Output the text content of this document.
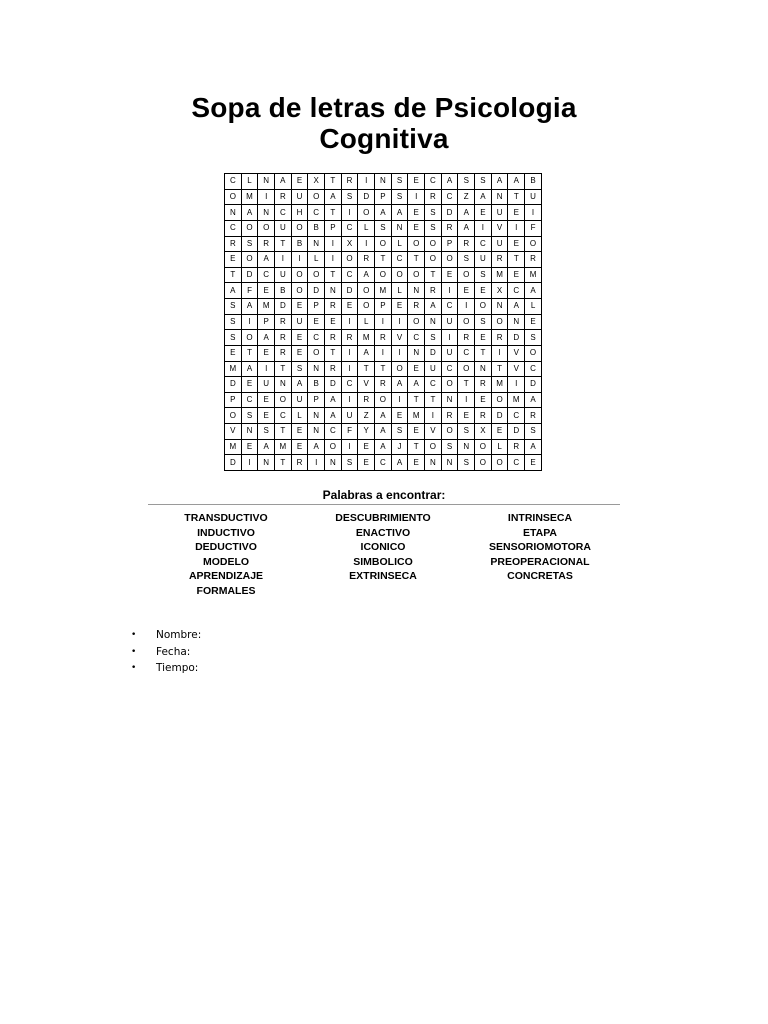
Sopa de letras de Psicologia
Cognitiva
C	L	N	A	E	X	T	R	I	N	S	E	C	A	S	S	A	A	B
O	M	I	R	U	O	A	S	D	P	S	I	R	C	Z	A	N	T	U
N	A	N	C	H	C	T	I	O	A	A	E	S	D	A	E	U	E	I
C	O	O	U	O	B	P	C	L	S	N	E	S	R	A	I	V	I	F
R	S	R	T	B	N	I	X	I	O	L	O	O	P	R	C	U	E	O
E	O	A	I	I	L	I	O	R	T	C	T	O	O	S	U	R	T	R
T	D	C	U	O	O	T	C	A	O	O	O	T	E	O	S	M	E	M
A	F	E	B	O	D	N	D	O	M	L	N	R	I	E	E	X	C	A
S	A	M	D	E	P	R	E	O	P	E	R	A	C	I	O	N	A	L
S	I	P	R	U	E	E	I	L	I	I	O	N	U	O	S	O	N	E
S	O	A	R	E	C	R	R	M	R	V	C	S	I	R	E	R	D	S
E	T	E	R	E	O	T	I	A	I	I	N	D	U	C	T	I	V	O
M	A	I	T	S	N	R	I	T	T	O	E	U	C	O	N	T	V	C
D	E	U	N	A	B	D	C	V	R	A	A	C	O	T	R	M	I	D
P	C	E	O	U	P	A	I	R	O	I	T	T	N	I	E	O	M	A
O	S	E	C	L	N	A	U	Z	A	E	M	I	R	E	R	D	C	R
V	N	S	T	E	N	C	F	Y	A	S	E	V	O	S	X	E	D	S
M	E	A	M	E	A	O	I	E	A	J	T	O	S	N	O	L	R	A
D	I	N	T	R	I	N	S	E	C	A	E	N	N	S	O	O	C	E
Palabras a encontrar:
TRANSDUCTIVO
INDUCTIVO
DEDUCTIVO
MODELO
APRENDIZAJE
FORMALES
DESCUBRIMIENTO
ENACTIVO
ICONICO
SIMBOLICO
EXTRINSECA
INTRINSECA
ETAPA
SENSORIOMOTORA
PREOPERACIONAL
CONCRETAS
•	Nombre:
•	Fecha:
•	Tiempo:
